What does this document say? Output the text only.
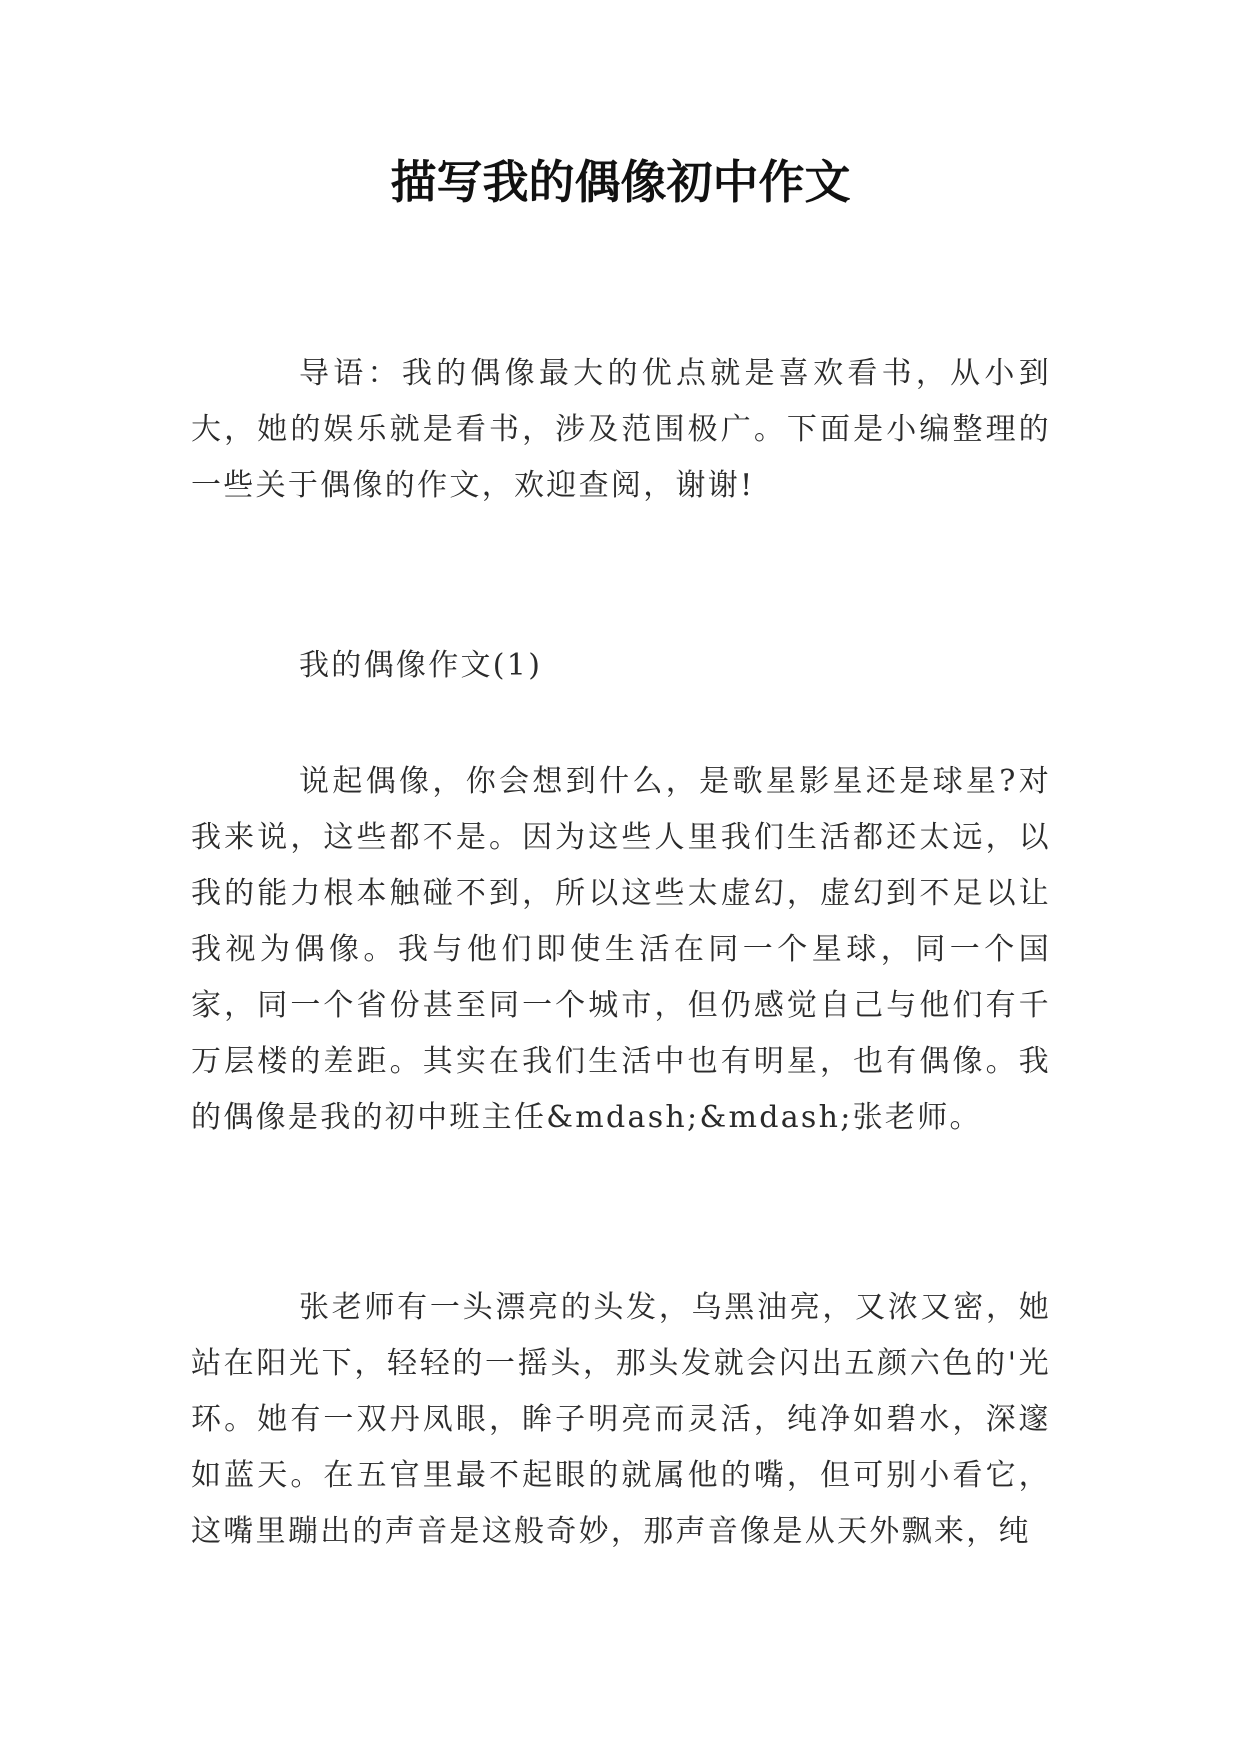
描写我的偶像初中作文

导语：我的偶像最大的优点就是喜欢看书，从小到大，她的娱乐就是看书，涉及范围极广。下面是小编整理的一些关于偶像的作文，欢迎查阅，谢谢!

我的偶像作文(1)

说起偶像，你会想到什么，是歌星影星还是球星?对我来说，这些都不是。因为这些人里我们生活都还太远，以我的能力根本触碰不到，所以这些太虚幻，虚幻到不足以让我视为偶像。我与他们即使生活在同一个星球，同一个国家，同一个省份甚至同一个城市，但仍感觉自己与他们有千万层楼的差距。其实在我们生活中也有明星，也有偶像。我的偶像是我的初中班主任&mdash;&mdash;张老师。

张老师有一头漂亮的头发，乌黑油亮，又浓又密，她站在阳光下，轻轻的一摇头，那头发就会闪出五颜六色的'光环。她有一双丹凤眼，眸子明亮而灵活，纯净如碧水，深邃如蓝天。在五官里最不起眼的就属他的嘴，但可别小看它，这嘴里蹦出的声音是这般奇妙，那声音像是从天外飘来，纯
